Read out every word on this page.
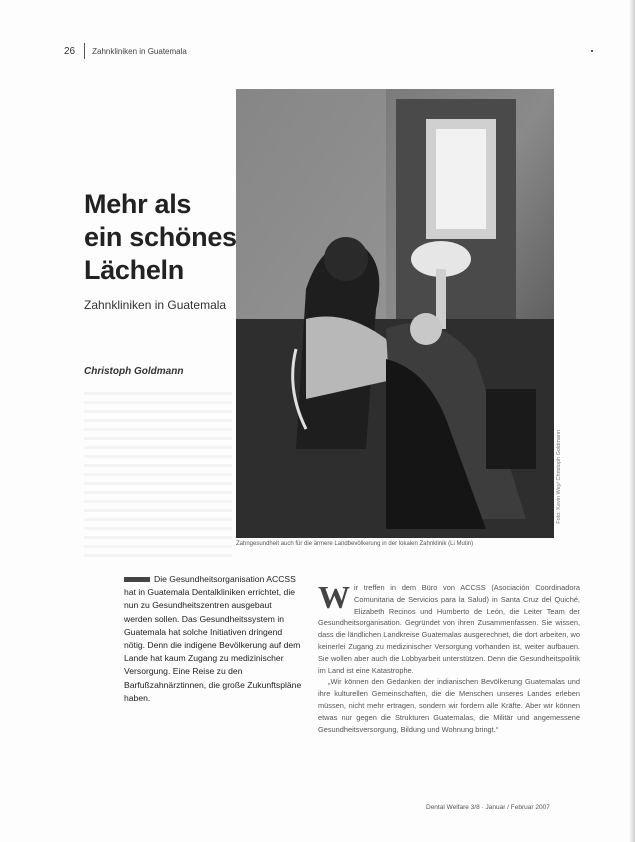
26 Zahnkliniken in Guatemala
Foto: Kevin Wey/ Christoph Goldmann
Zahngesundheit auch für die ärmere Landbevölkerung in der lokalen Zahnklinik (Li Mutin)
Mehr als
ein schönes
Lächeln
Zahnkliniken in Guatemala
Christoph Goldmann
Die Gesundheitsorganisation ACCSS hat in Guatemala Dentalkliniken errichtet, die nun zu Gesundheitszentren ausgebaut werden sollen. Das Gesundheitssystem in Guatemala hat solche Initiativen dringend nötig. Denn die indigene Bevölkerung auf dem Lande hat kaum Zugang zu medizinischer Versorgung. Eine Reise zu den Barfußzahnärztinnen, die große Zukunftspläne haben.
W ir treffen in dem Büro von ACCSS (Asociación Coordinadora Comunitaria de Servicios para la Salud) in Santa Cruz del Quiché, Elizabeth Recinos und Humberto de León, die Leiter Team der Gesundheitsorganisation. Gegründet von ihren Zusammenfassen. Sie wissen, dass die ländlichen Landkreise Guatemalas ausgerechnet, die dort arbeiten, wo keinerlei Zugang zu medizinischer Versorgung vorhanden ist, weiter aufbauen. Sie wollen aber auch die Lobbyarbeit unterstützen. Denn die Gesundheitspolitik im Land ist eine Katastrophe.

„Wir können den Gedanken der indianischen Bevölkerung Guatemalas und ihre kulturellen Gemeinschaften, die die Menschen unseres Landes erleben müssen, nicht mehr ertragen, sondern wir fordern alle Kräfte. Aber wir können etwas nur gegen die Strukturen Guatemalas, die Militär und angemessene Gesundheitsversorgung, Bildung und Wohnung bringt.“

Dental Welfare 3/8 · Januar / Februar 2007
